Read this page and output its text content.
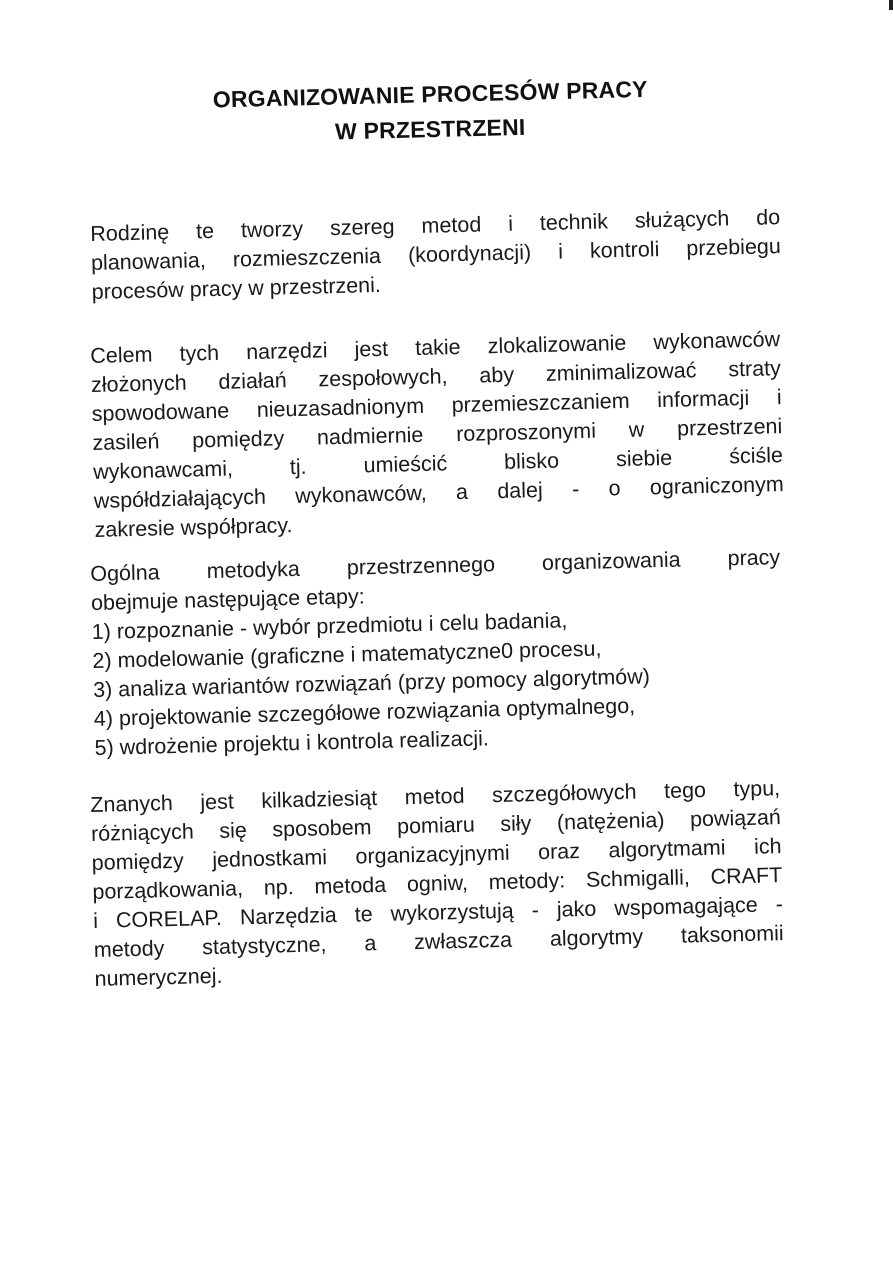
ORGANIZOWANIE PROCESÓW PRACY
W PRZESTRZENI
Rodzinę te tworzy szereg metod i technik służących do
planowania, rozmieszczenia (koordynacji) i kontroli przebiegu
procesów pracy w przestrzeni.
Celem tych narzędzi jest takie zlokalizowanie wykonawców
złożonych działań zespołowych, aby zminimalizować straty
spowodowane nieuzasadnionym przemieszczaniem informacji i
zasileń pomiędzy nadmiernie rozproszonymi w przestrzeni
wykonawcami,	tj.	umieścić	blisko	siebie	ściśle
współdziałających wykonawców, a dalej - o ograniczonym
zakresie współpracy.
Ogólna metodyka przestrzennego organizowania pracy
obejmuje następujące etapy:
1) rozpoznanie - wybór przedmiotu i celu badania,
2) modelowanie (graficzne i matematyczne0 procesu,
3) analiza wariantów rozwiązań (przy pomocy algorytmów)
4) projektowanie szczegółowe rozwiązania optymalnego,
5) wdrożenie projektu i kontrola realizacji.
Znanych jest kilkadziesiąt metod szczegółowych tego typu,
różniących się sposobem pomiaru siły (natężenia) powiązań
pomiędzy jednostkami organizacyjnymi oraz algorytmami ich
porządkowania, np. metoda ogniw, metody: Schmigalli, CRAFT
i CORELAP. Narzędzia te wykorzystują - jako wspomagające -
metody statystyczne, a zwłaszcza algorytmy taksonomii
numerycznej.
